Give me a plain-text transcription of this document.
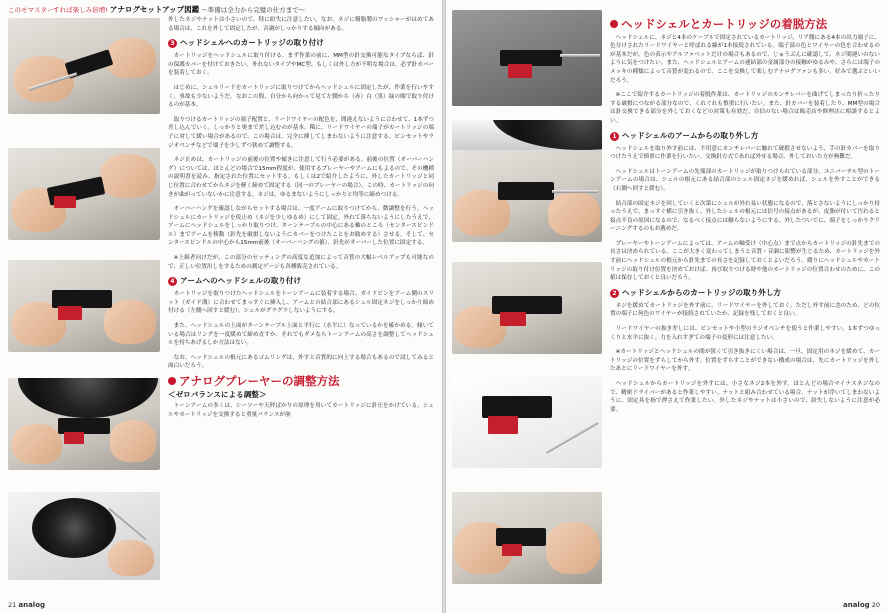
このモマスターすれば楽しみ倍増! アナログセットアップ図鑑 〜準備は全力から完璧の仕方まで〜

外したネジやナットは小さいので、特に紛失に注意したい。なお、ネジに樹脂製のワッシャーがはめてある場合は、これを外して固定したが、音調がしっかりする傾向がある。

3 ヘッドシェルへのカートリッジの取り付け

カートリッジをヘッドシェルに取り付ける。まず作業の前に、MM型の針交換可能なタイプならば、針の保護カバーを付けておきたい。外れないタイプやMC型、もしくは外し方が不明な場合は、必ず針カバーを装着しておく。

はじめに、シェルリードをカートリッジに取りつけてからヘッドシェルに固定したが、作業を行いやすく、事故も少ないようだ。なおこの間、自分から向かって見て左側から（赤）白（黒）緑の順で取り付けるのが基本。

取りつけるカートリッジの端子配置と、リードワイヤーの配色を、間違えないように合わせて、1本ずつ差し込んでいく。しっかりと奥まで差し込むのが基本。稀に、リードワイヤーの端子がカートリッジの端子に対して緩い場合があるので、この場合は、完全に挿してしまわないように注意する。ピンセットやラジオペンチなどで端子を少しずつ狭めて調整する。

ネジ止めは、カートリッジの前後の位置や傾きに注意して行う必要がある。前後の位置（オーバーハング）については、ほとんどの場合で15mm程度が、使用するプレーヤーやアームにもよるので、その機種の説明書を読み、指定された位置にセットする。もしくは2で紹介したように、外したカートリッジと同じ位置に合わせてからネジを軽く締めて固定する（同一のプレーヤーの場合）。この時、カートリッジの向きが曲がっていないかに注意する。ネジは、ゆるまないようにしっかりと均等に締めつける。

オーバーハングを確認しながらセットする場合は、一度アームに取りつけてから、微調整を行う。ヘッドシェルにカートリッジを仮止め（ネジを少しゆるめ）にして固定。外れて落ちないようにしたうえで、アームにヘッドシェルをしっかり取りつけ、ターンテーブルの中心にある軸のところ（センタースピンドル）までアームを移動（針先を破損しないようにカバーをつけたことをお勧めする）させる。そして、センタースピンドルの中心から15mm前後（オーバーハングの値）、針先がオーバーした位置に固定する。

※上級者向けだが、この部分のセッティングの高度な追加によって音質の大幅レベルアップも可能なので、正しい位置出しをするための測定ゲージも各種販売されている。

4 アームへのヘッドシェルの取り付け

カートリッジを取りつけたヘッドシェルをトーンアームに装着する場合、ガイドピンをアーム側のスリット（ガイド溝）に合わせてまっすぐに挿入し、アームとの結合部にあるシェル固定ネジをしっかり締め付ける（左側へ回すと緩む）。シェルがグラグラしないようにする。

また、ヘッドシェルの上面がターンテーブル上面と平行に（水平に）なっているかを確かめる。傾いている場合はリングを一度緩めて締め直すか、それでもダメならトーンアームの高さを調整してヘッドシェルを持ちあげるしか方法はない。

なお、ヘッドシェルの根元にあるゴムリングは、外すと音質的に向上する場合もあるので試してみると面白いだろう。

アナログプレーヤーの調整方法
＜ゼロバランスによる調整＞

トーンアームの多くは、シーソーや天秤ばかりの原理を用いてカートリッジに針圧をかけている。シェルやカートリッジを交換すると重量バランスが崩

21 analog
ヘッドシェルとカートリッジの着脱方法

ヘッドシェルに、ネジと4本のケーブルで固定されているカートリッジ。リア側にある4本の出力端子に、色分けされたリードワイヤーと呼ばれる線が1本接続されている。端子部の色とワイヤーの色を合わせるのが基本だが、色の表示やアルファベットだけの場合もあるので、じゅうぶんに確認して、ネジ間違いのないように気をつけたい。また、ヘッドシェルとアームの連結部の金属部分の接触がゆるみや、さらには端子のメッキの種類によって音質が変わるので、ここを交換して楽しむアナログファンも多い。好みで選ぶといいだろう。

※ここで紹介するカートリッジの着脱作業は、カートリッジのカンチレバーを曲げてしまったり折ったりする破損につながる部分なので、くれぐれも慎重に行いたい。また、針カバーを装着したり、MM型の場合は針交換できる部分を外しておくなどの対策も有効だ。自信のない場合は販売店や修理店に相談するとよい。

1 ヘッドシェルのアームからの取り外し方

ヘッドシェルを取り外す前には、不用意にカンチレバーに触れて破損させないよう、手の針カバーを取りつけたうえで慎重に作業を行いたい。交換針方式であれば外せる場合、外しておいた方が無難だ。

ヘッドシェルはトーンアームの先端部のカートリッジが取りつけられている部分。ユニバーサル型のトーンアームの場合は、シェルの根元にある結合部のシェル固定ネジを緩めれば、シェルを外すことができる（右側へ回すと緩む）。

結合部の固定ネジを回していくと次第にシェルが外れ易い状態になるので、落とさないようにしっかり持ったうえで、まっすぐ横に引き抜く。外したシェルの根元には信号の接点があるが、皮脂が付いて汚れると接点不良の原因になるので、なるべく接点には触らないようにする。外したついでに、端子をしっかりクリーニングするのもお薦めだ。

プレーヤーやトーンアームによっては、アームの軸受け（中心点）まで点からカートリッジの針先までの長さは決められている。ここが大きく変わってしまうと音質・音調に影響が生じるため、カートリッジを外す前にヘッドシェルの根元から針先までの長さを記録しておくとよいだろう。綴りにヘッドシェルやカートリッジの取り付け位置を決めておけば、再び取りつける時や他のカートリッジの位置合わせのために、この値は保存しておくと良いだろう。

2 ヘッドシェルからのカートリッジの取り外し方

ネジを緩めてカートリッジを外す前に、リードワイヤーを外しておく。ただし外す前に念のため、どの位置の端子に何色のワイヤーが接続されていたか、記録を残しておくと良い。

リードワイヤーの抜き差しには、ピンセットや小型のラジオペンチを使うと作業しやすい。1本ずつゆっくりと水平に抜く。力を入れすぎての端子の変形には注意したい。

※カートリッジとヘッドシェルの間が狭くて引き抜きにくい場合は、一旦、固定用のネジを緩めて、カートリッジの位置をずらしてから外す。位置をずらすことができない構成の場合は、先にカートリッジを外したあとにリードワイヤーを外す。

ヘッドシェルからカートリッジを外すには、小さなネジ2本を外す。ほとんどの場合マイナスネジなので、精密ドライバーがあると作業しやすい。ナットと組み合わせている場合、ナットが浮いてしまわないように、固定具を指で押さえて作業したい。外したネジやナットは小さいので、紛失しないように注意が必要。

analog 20
